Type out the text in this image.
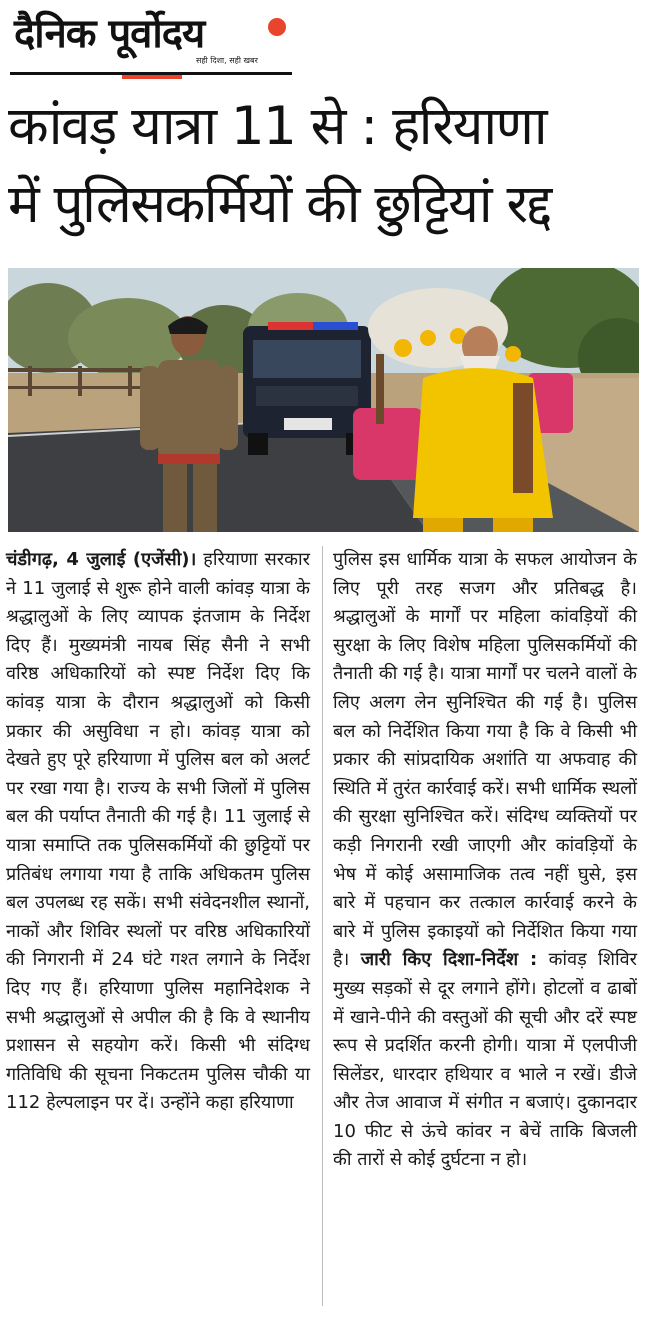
दैनिक पूर्वोदय
सही दिशा, सही खबर
कांवड़ यात्रा 11 से : हरियाणा
में पुलिसकर्मियों की छुट्टियां रद्द

चंडीगढ़, 4 जुलाई (एजेंसी)। हरियाणा सरकार ने 11 जुलाई से शुरू होने वाली कांवड़ यात्रा के श्रद्धालुओं के लिए व्यापक इंतजाम के निर्देश दिए हैं। मुख्यमंत्री नायब सिंह सैनी ने सभी वरिष्ठ अधिकारियों को स्पष्ट निर्देश दिए कि कांवड़ यात्रा के दौरान श्रद्धालुओं को किसी प्रकार की असुविधा न हो। कांवड़ यात्रा को देखते हुए पूरे हरियाणा में पुलिस बल को अलर्ट पर रखा गया है। राज्य के सभी जिलों में पुलिस बल की पर्याप्त तैनाती की गई है। 11 जुलाई से यात्रा समाप्ति तक पुलिसकर्मियों की छुट्टियों पर प्रतिबंध लगाया गया है ताकि अधिकतम पुलिस बल उपलब्ध रह सकें। सभी संवेदनशील स्थानों, नाकों और शिविर स्थलों पर वरिष्ठ अधिकारियों की निगरानी में 24 घंटे गश्त लगाने के निर्देश दिए गए हैं। हरियाणा पुलिस महानिदेशक ने सभी श्रद्धालुओं से अपील की है कि वे स्थानीय प्रशासन से सहयोग करें। किसी भी संदिग्ध गतिविधि की सूचना निकटतम पुलिस चौकी या 112 हेल्पलाइन पर दें। उन्होंने कहा हरियाणा

पुलिस इस धार्मिक यात्रा के सफल आयोजन के लिए पूरी तरह सजग और प्रतिबद्ध है। श्रद्धालुओं के मार्गों पर महिला कांवड़ियों की सुरक्षा के लिए विशेष महिला पुलिसकर्मियों की तैनाती की गई है। यात्रा मार्गों पर चलने वालों के लिए अलग लेन सुनिश्चित की गई है। पुलिस बल को निर्देशित किया गया है कि वे किसी भी प्रकार की सांप्रदायिक अशांति या अफवाह की स्थिति में तुरंत कार्रवाई करें। सभी धार्मिक स्थलों की सुरक्षा सुनिश्चित करें। संदिग्ध व्यक्तियों पर कड़ी निगरानी रखी जाएगी और कांवड़ियों के भेष में कोई असामाजिक तत्व नहीं घुसे, इस बारे में पहचान कर तत्काल कार्रवाई करने के बारे में पुलिस इकाइयों को निर्देशित किया गया है। जारी किए दिशा-निर्देश : कांवड़ शिविर मुख्य सड़कों से दूर लगाने होंगे। होटलों व ढाबों में खाने-पीने की वस्तुओं की सूची और दरें स्पष्ट रूप से प्रदर्शित करनी होगी। यात्रा में एलपीजी सिलेंडर, धारदार हथियार व भाले न रखें। डीजे और तेज आवाज में संगीत न बजाएं। दुकानदार 10 फीट से ऊंचे कांवर न बेचें ताकि बिजली की तारों से कोई दुर्घटना न हो।
